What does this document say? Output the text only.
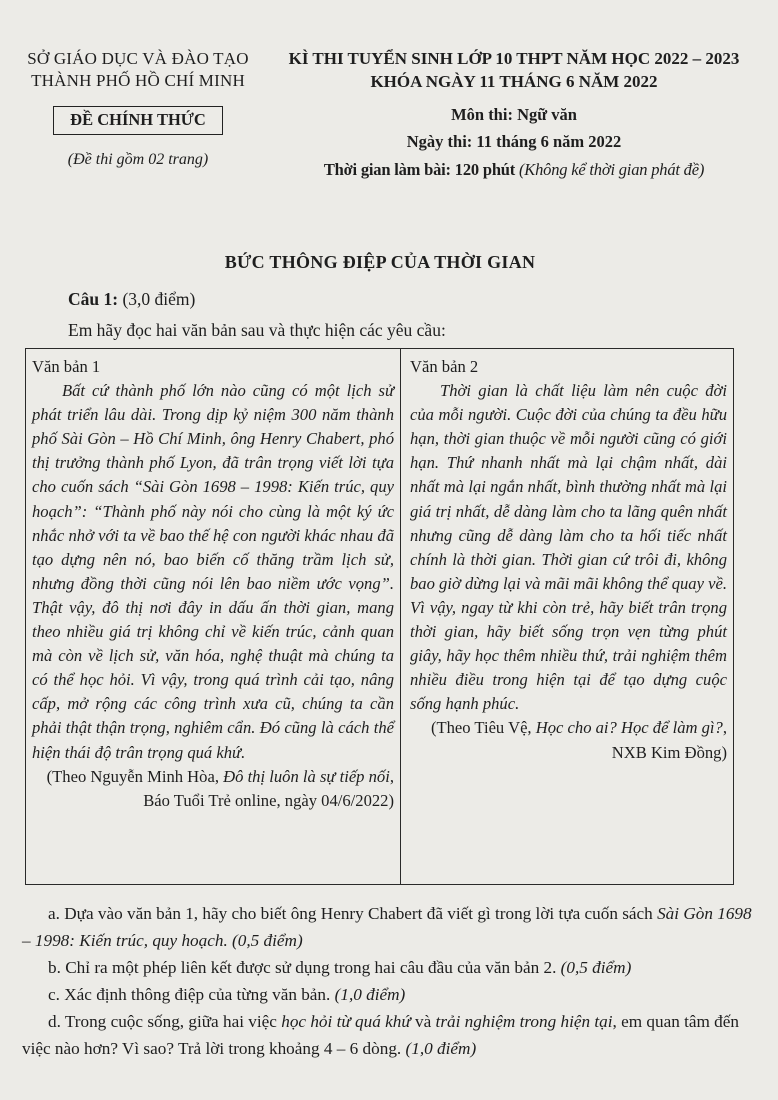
SỞ GIÁO DỤC VÀ ĐÀO TẠO
THÀNH PHỐ HỒ CHÍ MINH
ĐỀ CHÍNH THỨC
(Đề thi gồm 02 trang)
KÌ THI TUYỂN SINH LỚP 10 THPT NĂM HỌC 2022 – 2023
KHÓA NGÀY 11 THÁNG 6 NĂM 2022
Môn thi: Ngữ văn
Ngày thi: 11 tháng 6 năm 2022
Thời gian làm bài: 120 phút (Không kể thời gian phát đề)
BỨC THÔNG ĐIỆP CỦA THỜI GIAN
Câu 1: (3,0 điểm)
Em hãy đọc hai văn bản sau và thực hiện các yêu cầu:
Văn bản 1
Bất cứ thành phố lớn nào cũng có một lịch sử phát triển lâu dài. Trong dịp kỷ niệm 300 năm thành phố Sài Gòn – Hồ Chí Minh, ông Henry Chabert, phó thị trưởng thành phố Lyon, đã trân trọng viết lời tựa cho cuốn sách “Sài Gòn 1698 – 1998: Kiến trúc, quy hoạch”: “Thành phố này nói cho cùng là một ký ức nhắc nhở với ta về bao thế hệ con người khác nhau đã tạo dựng nên nó, bao biến cố thăng trầm lịch sử, nhưng đồng thời cũng nói lên bao niềm ước vọng”. Thật vậy, đô thị nơi đây in dấu ấn thời gian, mang theo nhiều giá trị không chỉ về kiến trúc, cảnh quan mà còn về lịch sử, văn hóa, nghệ thuật mà chúng ta có thể học hỏi. Vì vậy, trong quá trình cải tạo, nâng cấp, mở rộng các công trình xưa cũ, chúng ta cần phải thật thận trọng, nghiêm cẩn. Đó cũng là cách thể hiện thái độ trân trọng quá khứ.
(Theo Nguyễn Minh Hòa, Đô thị luôn là sự tiếp nối, Báo Tuổi Trẻ online, ngày 04/6/2022)
Văn bản 2
Thời gian là chất liệu làm nên cuộc đời của mỗi người. Cuộc đời của chúng ta đều hữu hạn, thời gian thuộc về mỗi người cũng có giới hạn. Thứ nhanh nhất mà lại chậm nhất, dài nhất mà lại ngắn nhất, bình thường nhất mà lại giá trị nhất, dễ dàng làm cho ta lãng quên nhất nhưng cũng dễ dàng làm cho ta hối tiếc nhất chính là thời gian. Thời gian cứ trôi đi, không bao giờ dừng lại và mãi mãi không thể quay về. Vì vậy, ngay từ khi còn trẻ, hãy biết trân trọng thời gian, hãy biết sống trọn vẹn từng phút giây, hãy học thêm nhiều thứ, trải nghiệm thêm nhiều điều trong hiện tại để tạo dựng cuộc sống hạnh phúc.
(Theo Tiêu Vệ, Học cho ai? Học để làm gì?, NXB Kim Đồng)
a. Dựa vào văn bản 1, hãy cho biết ông Henry Chabert đã viết gì trong lời tựa cuốn sách Sài Gòn 1698 – 1998: Kiến trúc, quy hoạch. (0,5 điểm)
b. Chỉ ra một phép liên kết được sử dụng trong hai câu đầu của văn bản 2. (0,5 điểm)
c. Xác định thông điệp của từng văn bản. (1,0 điểm)
d. Trong cuộc sống, giữa hai việc học hỏi từ quá khứ và trải nghiệm trong hiện tại, em quan tâm đến việc nào hơn? Vì sao? Trả lời trong khoảng 4 – 6 dòng. (1,0 điểm)
